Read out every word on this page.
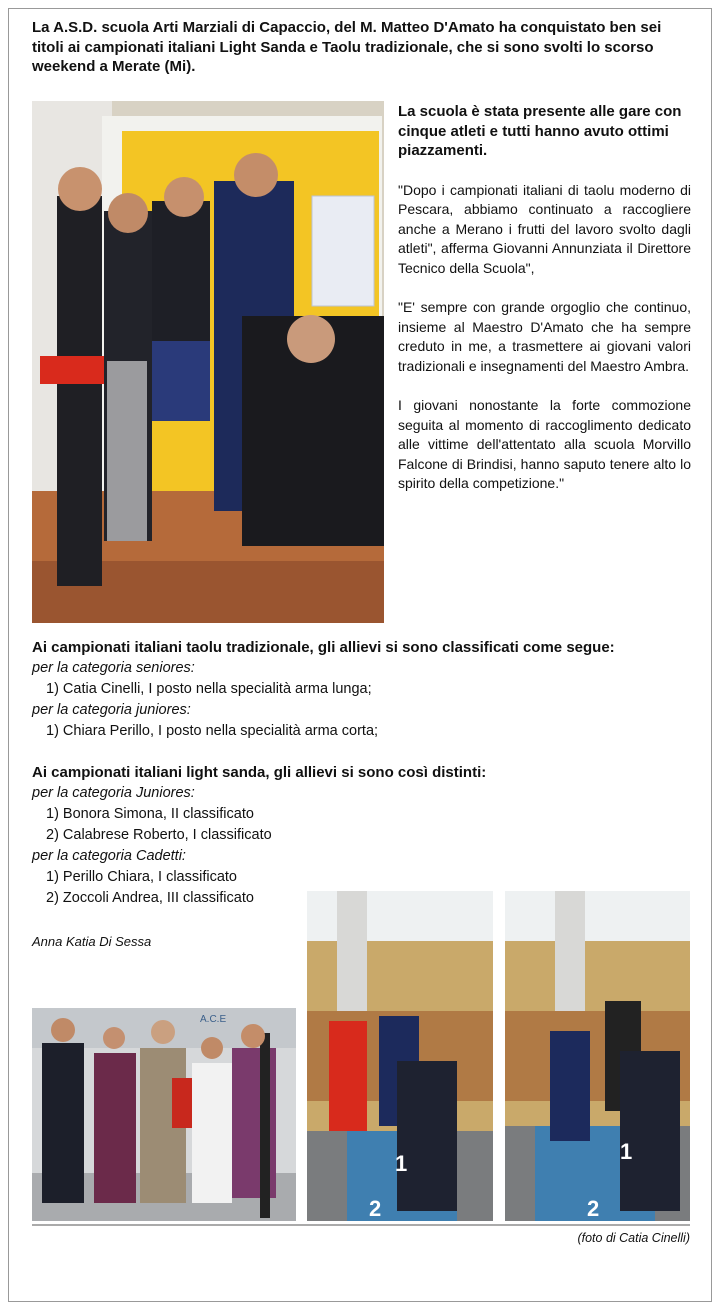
La A.S.D. scuola Arti Marziali di Capaccio, del M. Matteo D'Amato ha conquistato ben sei titoli ai campionati italiani Light Sanda e Taolu tradizionale, che si sono svolti lo scorso weekend a Merate (Mi).

La scuola è stata presente alle gare con cinque atleti e tutti hanno avuto ottimi piazzamenti.

"Dopo i campionati italiani di taolu moderno di Pescara, abbiamo continuato a raccogliere anche a Merano i frutti del lavoro svolto dagli atleti", afferma Giovanni Annunziata il Direttore Tecnico della Scuola",

"E' sempre con grande orgoglio che continuo, insieme al Maestro D'Amato che ha sempre creduto in me, a trasmettere ai giovani valori tradizionali e insegnamenti del Maestro Ambra.

I giovani nonostante la forte commozione seguita al momento di raccoglimento dedicato alle vittime dell'attentato alla scuola Morvillo Falcone di Brindisi, hanno saputo tenere alto lo spirito della competizione."

Ai campionati italiani taolu tradizionale, gli allievi si sono classificati come segue:
per la categoria seniores:
1) Catia Cinelli, I posto nella specialità arma lunga;
per la categoria juniores:
1) Chiara Perillo, I posto nella specialità arma corta;
Ai campionati italiani light sanda, gli allievi si sono così distinti:
per la categoria Juniores:
1) Bonora Simona, II classificato
2) Calabrese Roberto, I classificato
per la categoria Cadetti:
1) Perillo Chiara, I classificato
2) Zoccoli Andrea, III classificato
Anna Katia Di Sessa
A.C.E
1
2
1
2
(foto di Catia Cinelli)
